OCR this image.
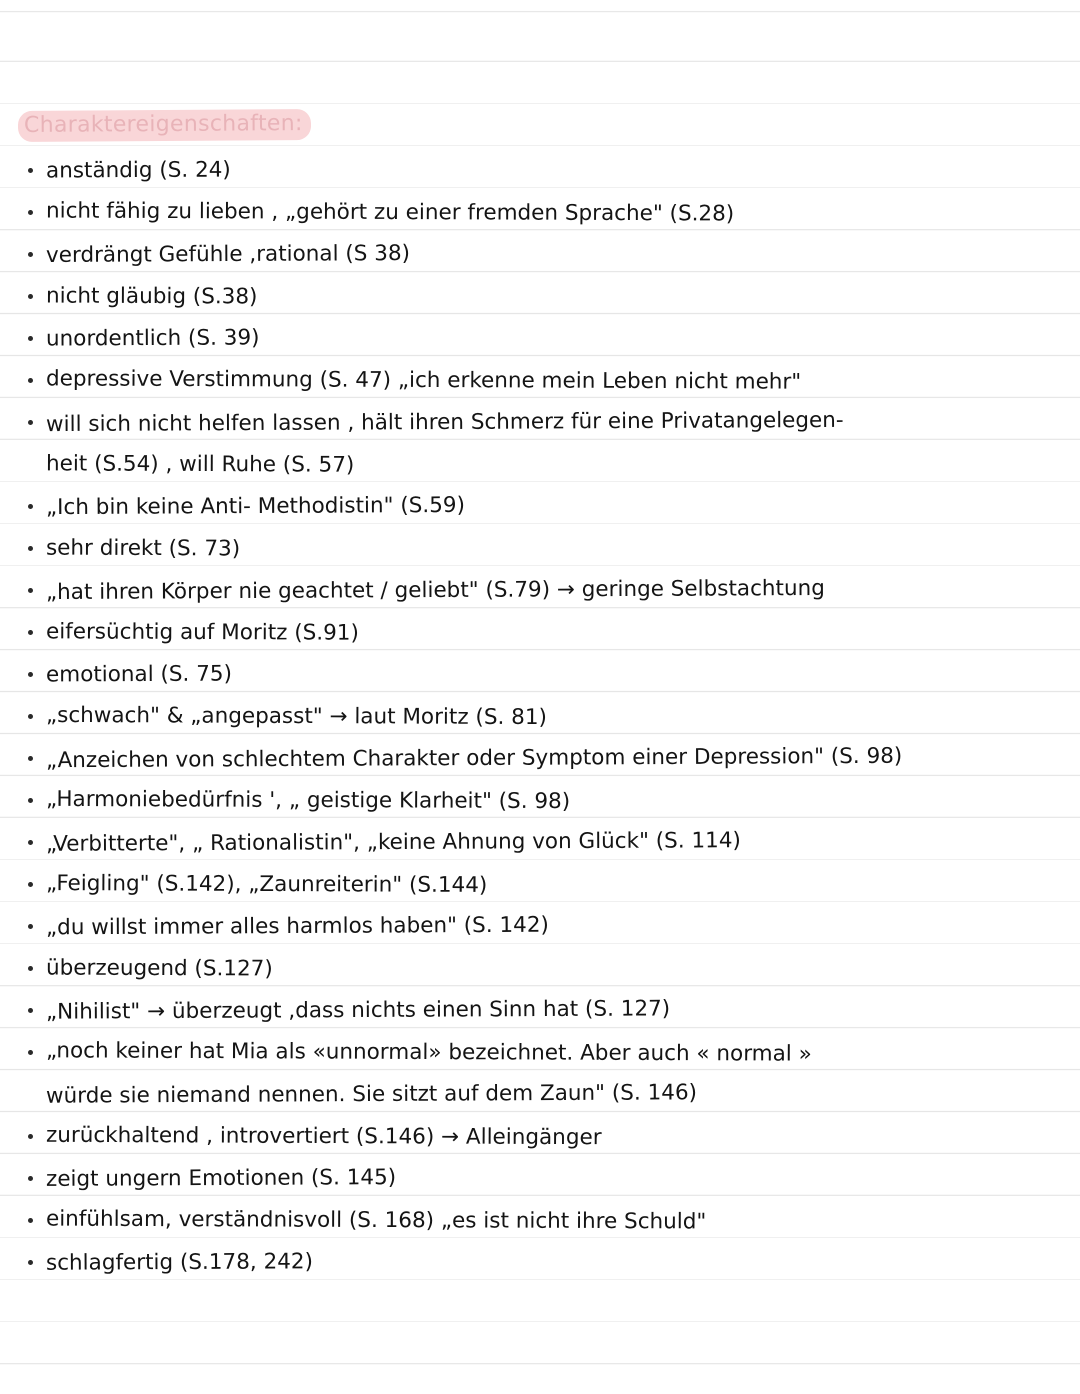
Charaktereigenschaften:
anständig (S. 24)
nicht fähig zu lieben , „gehört zu einer fremden Sprache" (S.28)
verdrängt Gefühle ,rational (S 38)
nicht gläubig (S.38)
unordentlich (S. 39)
depressive Verstimmung (S. 47) „ich erkenne mein Leben nicht mehr"
will sich nicht helfen lassen , hält ihren Schmerz für eine Privatangelegen-
heit (S.54) , will Ruhe (S. 57)
„Ich bin keine Anti- Methodistin" (S.59)
sehr direkt (S. 73)
„hat ihren Körper nie geachtet / geliebt" (S.79) → geringe Selbstachtung
eifersüchtig auf Moritz (S.91)
emotional (S. 75)
„schwach" & „angepasst" → laut Moritz (S. 81)
„Anzeichen von schlechtem Charakter oder Symptom einer Depression" (S. 98)
„Harmoniebedürfnis ', „ geistige Klarheit" (S. 98)
„Verbitterte", „ Rationalistin", „keine Ahnung von Glück" (S. 114)
„Feigling" (S.142), „Zaunreiterin" (S.144)
„du willst immer alles harmlos haben" (S. 142)
überzeugend (S.127)
„Nihilist" → überzeugt ,dass nichts einen Sinn hat (S. 127)
„noch keiner hat Mia als «unnormal» bezeichnet. Aber auch « normal »
würde sie niemand nennen. Sie sitzt auf dem Zaun" (S. 146)
zurückhaltend , introvertiert (S.146) → Alleingänger
zeigt ungern Emotionen (S. 145)
einfühlsam, verständnisvoll (S. 168) „es ist nicht ihre Schuld"
schlagfertig (S.178, 242)
